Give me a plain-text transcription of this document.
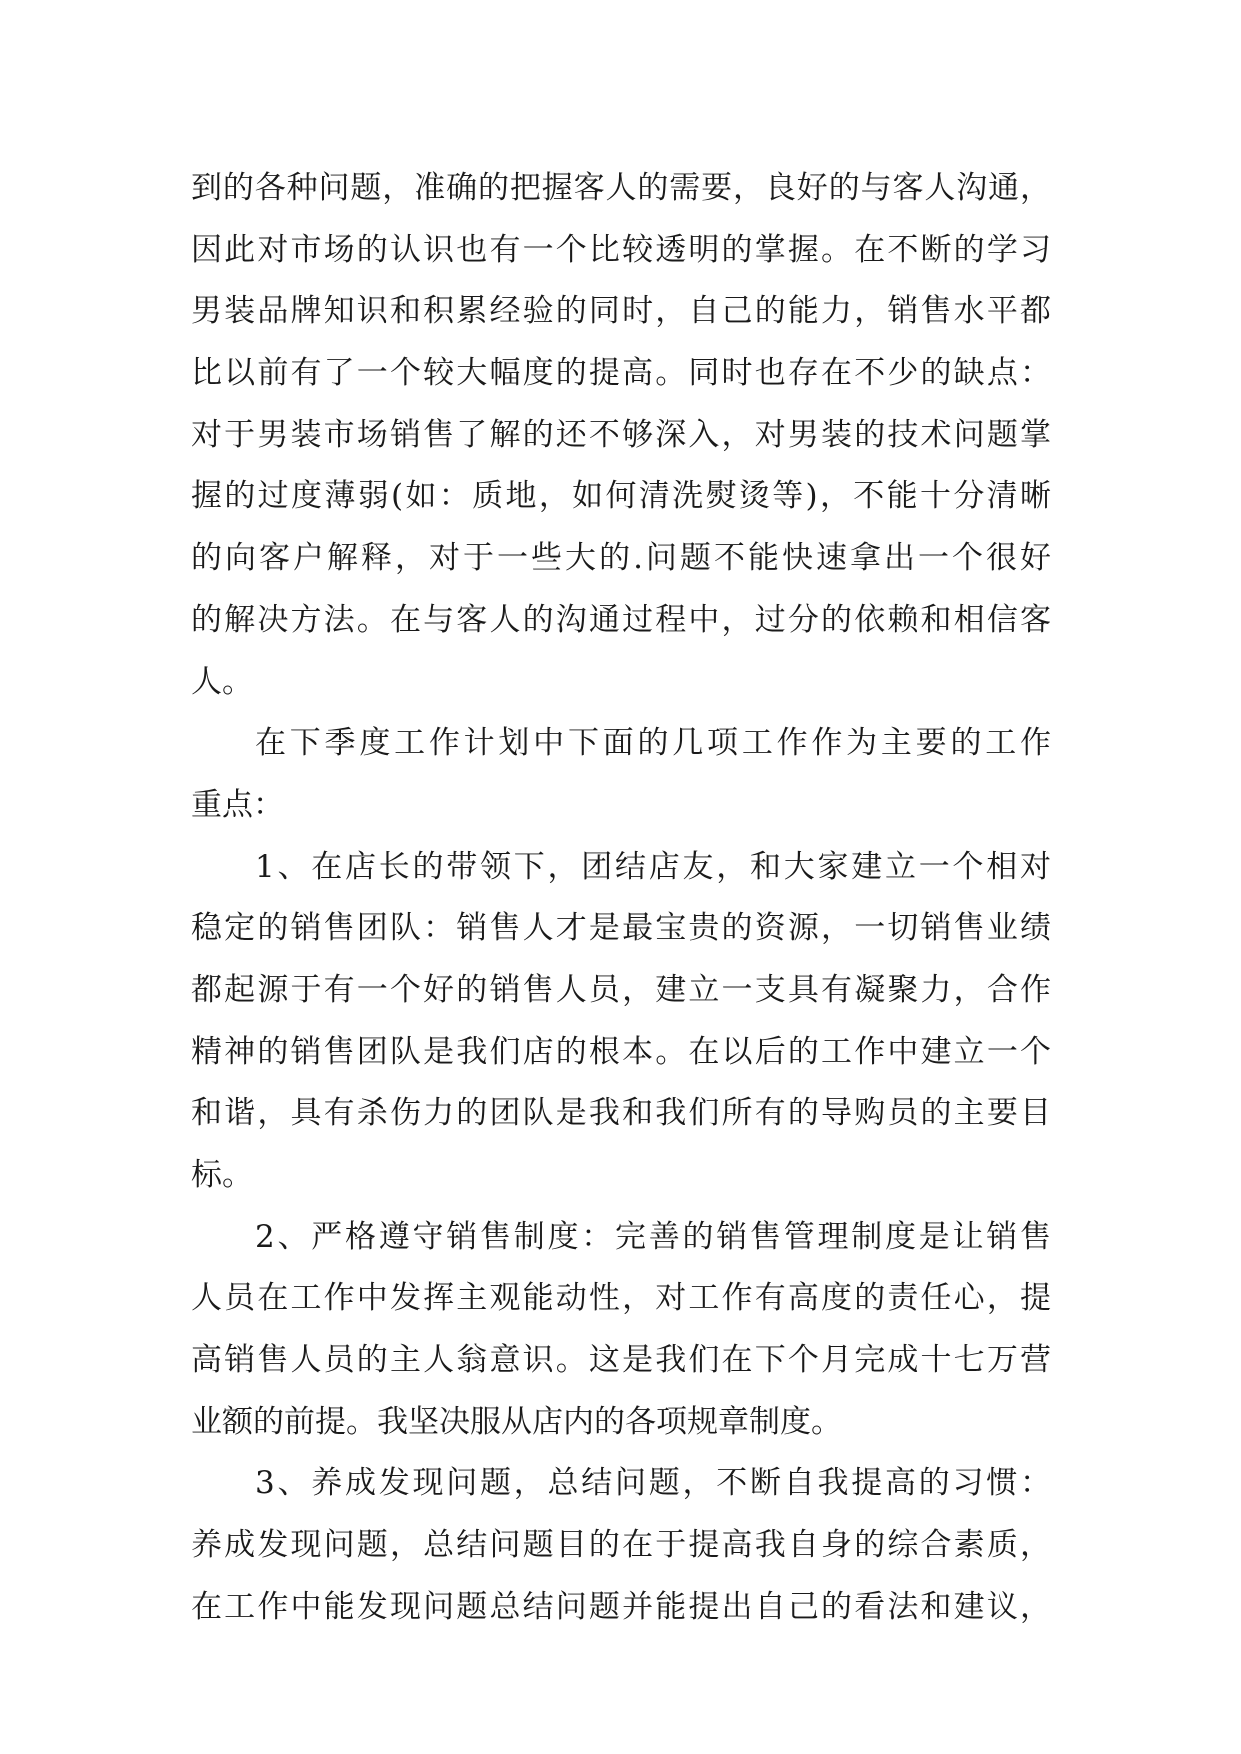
到的各种问题，准确的把握客人的需要，良好的与客人沟通，
因此对市场的认识也有一个比较透明的掌握。在不断的学习
男装品牌知识和积累经验的同时，自己的能力，销售水平都
比以前有了一个较大幅度的提高。同时也存在不少的缺点：
对于男装市场销售了解的还不够深入，对男装的技术问题掌
握的过度薄弱(如：质地，如何清洗熨烫等)，不能十分清晰
的向客户解释，对于一些大的.问题不能快速拿出一个很好
的解决方法。在与客人的沟通过程中，过分的依赖和相信客
人。
在下季度工作计划中下面的几项工作作为主要的工作
重点：
1、在店长的带领下，团结店友，和大家建立一个相对
稳定的销售团队：销售人才是最宝贵的资源，一切销售业绩
都起源于有一个好的销售人员，建立一支具有凝聚力，合作
精神的销售团队是我们店的根本。在以后的工作中建立一个
和谐，具有杀伤力的团队是我和我们所有的导购员的主要目
标。
2、严格遵守销售制度：完善的销售管理制度是让销售
人员在工作中发挥主观能动性，对工作有高度的责任心，提
高销售人员的主人翁意识。这是我们在下个月完成十七万营
业额的前提。我坚决服从店内的各项规章制度。
3、养成发现问题，总结问题，不断自我提高的习惯：
养成发现问题，总结问题目的在于提高我自身的综合素质，
在工作中能发现问题总结问题并能提出自己的看法和建议，
